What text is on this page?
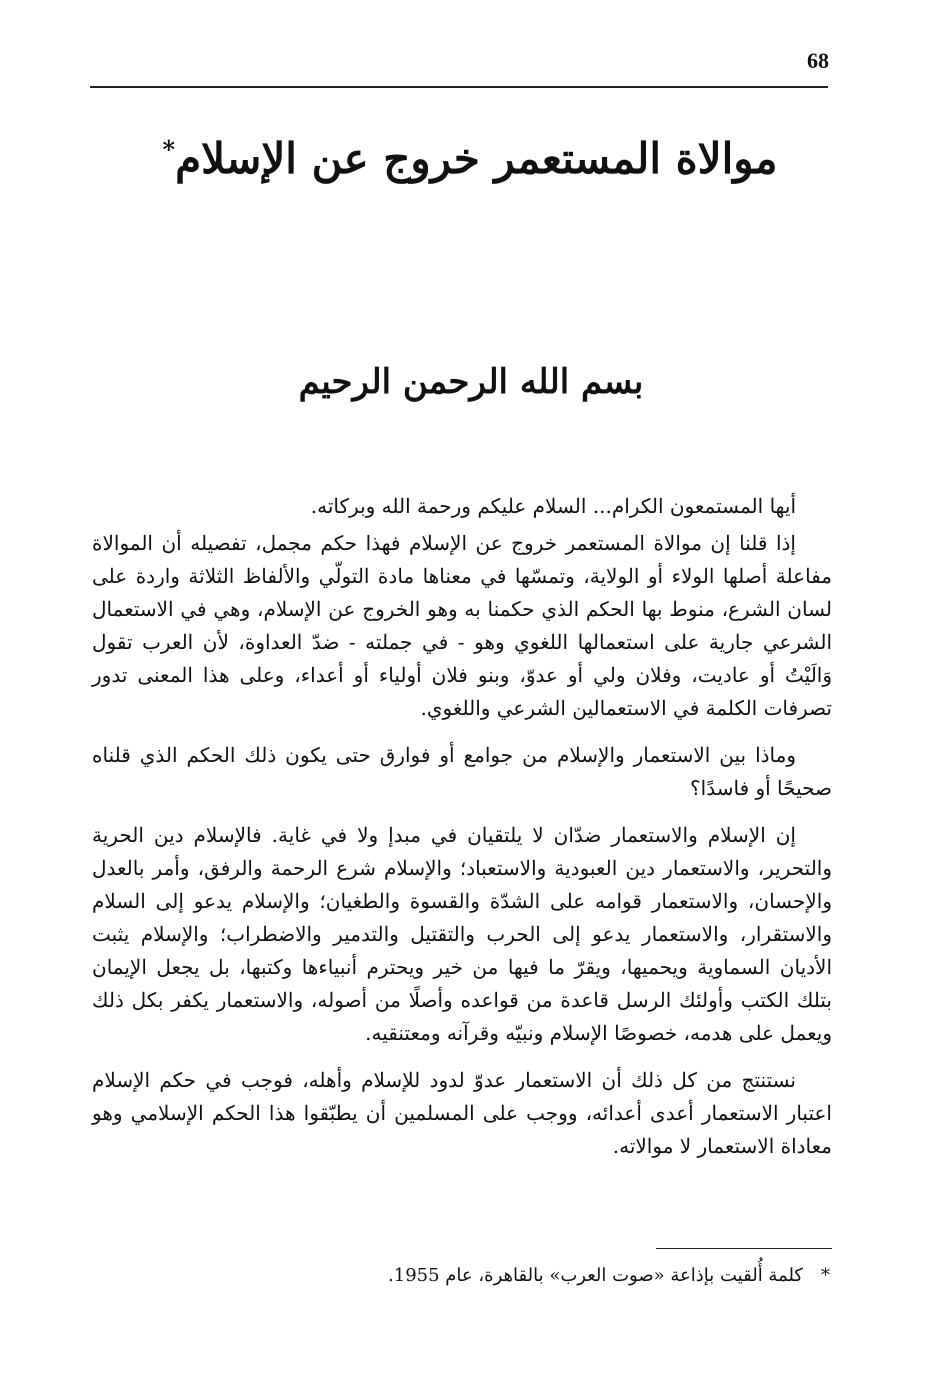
68
موالاة المستعمر خروج عن الإسلام*
بسم الله الرحمن الرحيم

أيها المستمعون الكرام... السلام عليكم ورحمة الله وبركاته.

إذا قلنا إن موالاة المستعمر خروج عن الإسلام فهذا حكم مجمل، تفصيله أن الموالاة مفاعلة أصلها الولاء أو الولاية، وتمسّها في معناها مادة التولّي والألفاظ الثلاثة واردة على لسان الشرع، منوط بها الحكم الذي حكمنا به وهو الخروج عن الإسلام، وهي في الاستعمال الشرعي جارية على استعمالها اللغوي وهو - في جملته - ضدّ العداوة، لأن العرب تقول وَالَيْتُ أو عاديت، وفلان ولي أو عدوّ، وبنو فلان أولياء أو أعداء، وعلى هذا المعنى تدور تصرفات الكلمة في الاستعمالين الشرعي واللغوي.

وماذا بين الاستعمار والإسلام من جوامع أو فوارق حتى يكون ذلك الحكم الذي قلناه صحيحًا أو فاسدًا؟

إن الإسلام والاستعمار ضدّان لا يلتقيان في مبدإ ولا في غاية. فالإسلام دين الحرية والتحرير، والاستعمار دين العبودية والاستعباد؛ والإسلام شرع الرحمة والرفق، وأمر بالعدل والإحسان، والاستعمار قوامه على الشدّة والقسوة والطغيان؛ والإسلام يدعو إلى السلام والاستقرار، والاستعمار يدعو إلى الحرب والتقتيل والتدمير والاضطراب؛ والإسلام يثبت الأديان السماوية ويحميها، ويقرّ ما فيها من خير ويحترم أنبياءها وكتبها، بل يجعل الإيمان بتلك الكتب وأولئك الرسل قاعدة من قواعده وأصلًا من أصوله، والاستعمار يكفر بكل ذلك ويعمل على هدمه، خصوصًا الإسلام ونبيّه وقرآنه ومعتنقيه.

نستنتج من كل ذلك أن الاستعمار عدوّ لدود للإسلام وأهله، فوجب في حكم الإسلام اعتبار الاستعمار أعدى أعدائه، ووجب على المسلمين أن يطبّقوا هذا الحكم الإسلامي وهو معاداة الاستعمار لا موالاته.

*كلمة أُلقيت بإذاعة «صوت العرب» بالقاهرة، عام 1955.
